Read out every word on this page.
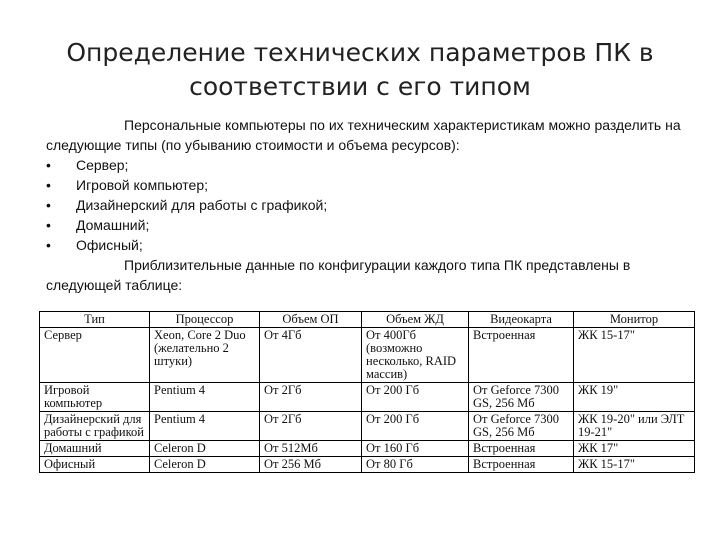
Определение технических параметров ПК в
соответствии с его типом

Персональные компьютеры по их техническим характеристикам можно разделить на следующие типы (по убыванию стоимости и объема ресурсов):

• Сервер;
• Игровой компьютер;
• Дизайнерский для работы с графикой;
• Домашний;
• Офисный;

Приблизительные данные по конфигурации каждого типа ПК представлены в следующей таблице:

Тип	Процессор	Объем ОП	Объем ЖД	Видеокарта	Монитор
Сервер	Xeon, Core 2 Duo (желательно 2 штуки)	От 4Гб	От 400Гб (возможно несколько, RAID массив)	Встроенная	ЖК 15-17"
Игровой компьютер	Pentium 4	От 2Гб	От 200 Гб	От Geforce 7300 GS, 256 Мб	ЖК 19"
Дизайнерский для работы с графикой	Pentium 4	От 2Гб	От 200 Гб	От Geforce 7300 GS, 256 Мб	ЖК 19-20" или ЭЛТ 19-21"
Домашний	Celeron D	От 512Мб	От 160 Гб	Встроенная	ЖК 17"
Офисный	Celeron D	От 256 Мб	От 80 Гб	Встроенная	ЖК 15-17"
